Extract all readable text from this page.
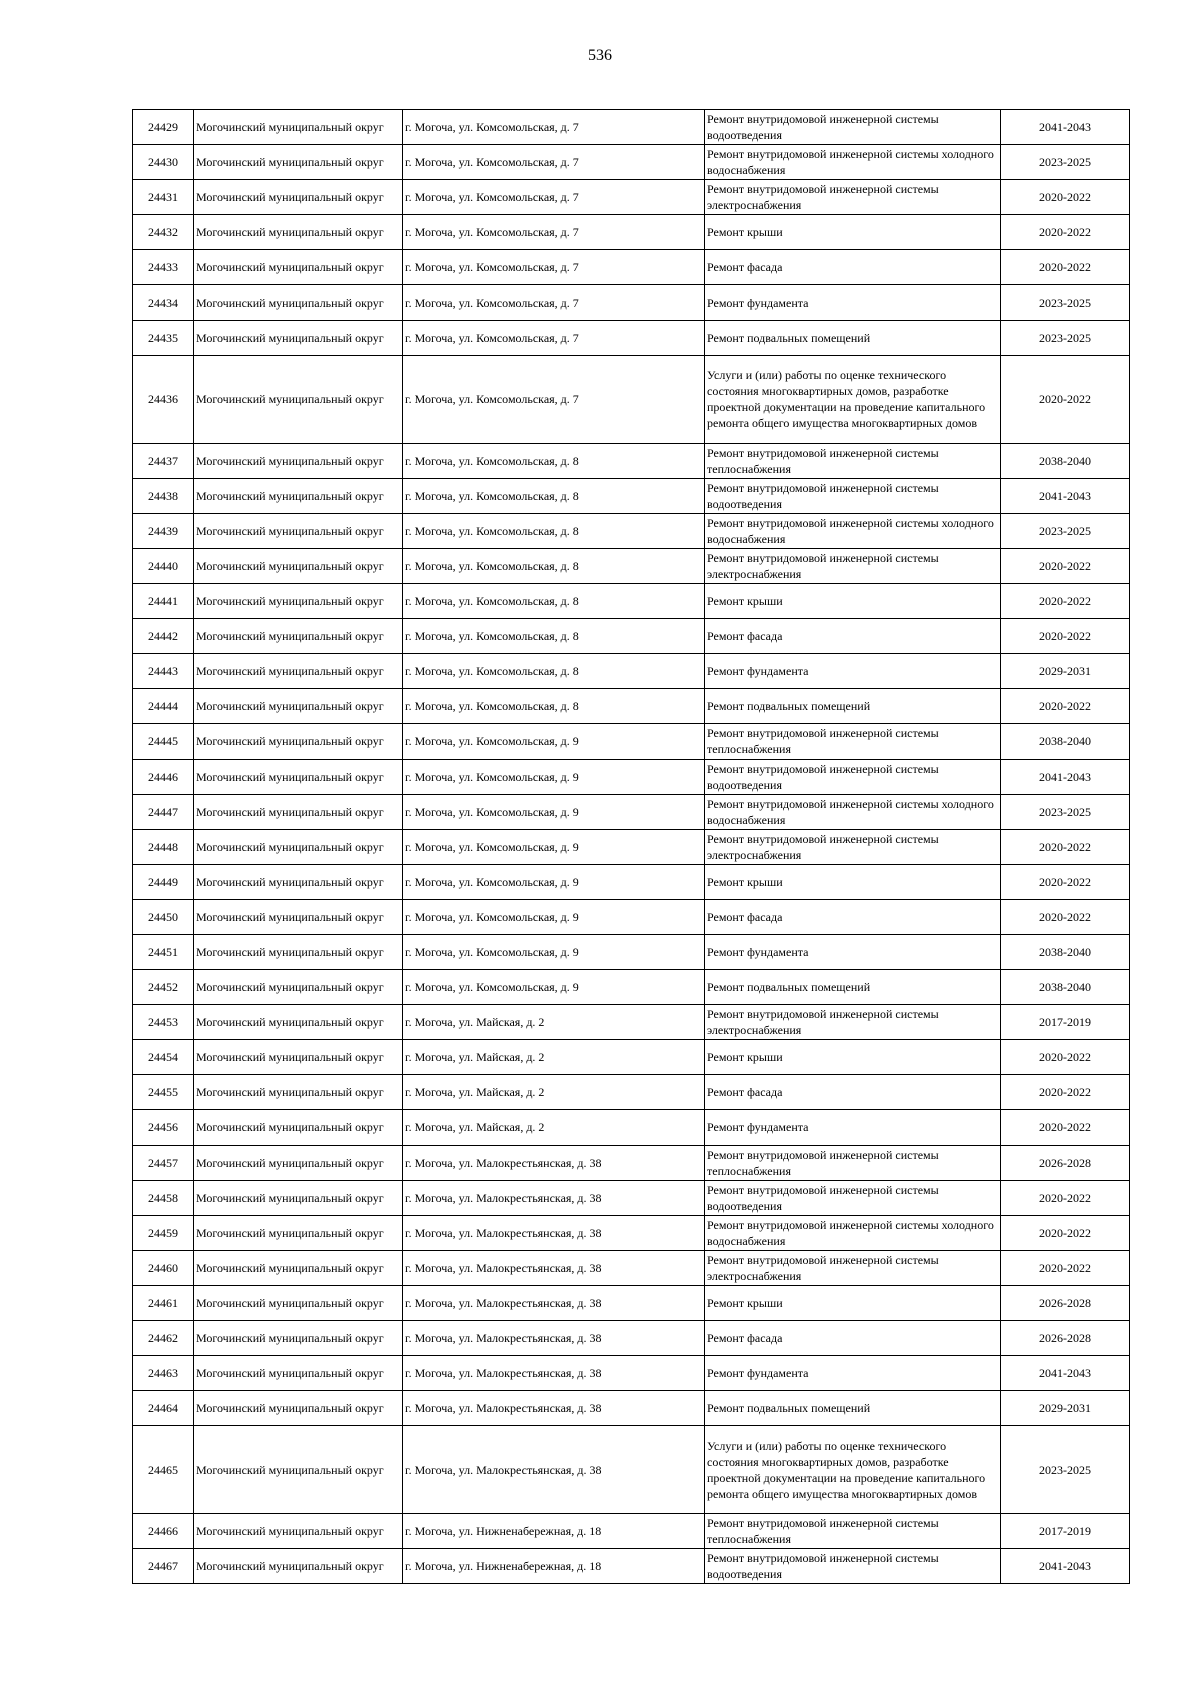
536
24429	Могочинский муниципальный округ	г. Могоча, ул. Комсомольская, д. 7	Ремонт внутридомовой инженерной системы водоотведения	2041-2043
24430	Могочинский муниципальный округ	г. Могоча, ул. Комсомольская, д. 7	Ремонт внутридомовой инженерной системы холодного водоснабжения	2023-2025
24431	Могочинский муниципальный округ	г. Могоча, ул. Комсомольская, д. 7	Ремонт внутридомовой инженерной системы электроснабжения	2020-2022
24432	Могочинский муниципальный округ	г. Могоча, ул. Комсомольская, д. 7	Ремонт крыши	2020-2022
24433	Могочинский муниципальный округ	г. Могоча, ул. Комсомольская, д. 7	Ремонт фасада	2020-2022
24434	Могочинский муниципальный округ	г. Могоча, ул. Комсомольская, д. 7	Ремонт фундамента	2023-2025
24435	Могочинский муниципальный округ	г. Могоча, ул. Комсомольская, д. 7	Ремонт подвальных помещений	2023-2025
24436	Могочинский муниципальный округ	г. Могоча, ул. Комсомольская, д. 7	Услуги и (или) работы по оценке технического состояния многоквартирных домов, разработке проектной документации на проведение капитального ремонта общего имущества многоквартирных домов	2020-2022
24437	Могочинский муниципальный округ	г. Могоча, ул. Комсомольская, д. 8	Ремонт внутридомовой инженерной системы теплоснабжения	2038-2040
24438	Могочинский муниципальный округ	г. Могоча, ул. Комсомольская, д. 8	Ремонт внутридомовой инженерной системы водоотведения	2041-2043
24439	Могочинский муниципальный округ	г. Могоча, ул. Комсомольская, д. 8	Ремонт внутридомовой инженерной системы холодного водоснабжения	2023-2025
24440	Могочинский муниципальный округ	г. Могоча, ул. Комсомольская, д. 8	Ремонт внутридомовой инженерной системы электроснабжения	2020-2022
24441	Могочинский муниципальный округ	г. Могоча, ул. Комсомольская, д. 8	Ремонт крыши	2020-2022
24442	Могочинский муниципальный округ	г. Могоча, ул. Комсомольская, д. 8	Ремонт фасада	2020-2022
24443	Могочинский муниципальный округ	г. Могоча, ул. Комсомольская, д. 8	Ремонт фундамента	2029-2031
24444	Могочинский муниципальный округ	г. Могоча, ул. Комсомольская, д. 8	Ремонт подвальных помещений	2020-2022
24445	Могочинский муниципальный округ	г. Могоча, ул. Комсомольская, д. 9	Ремонт внутридомовой инженерной системы теплоснабжения	2038-2040
24446	Могочинский муниципальный округ	г. Могоча, ул. Комсомольская, д. 9	Ремонт внутридомовой инженерной системы водоотведения	2041-2043
24447	Могочинский муниципальный округ	г. Могоча, ул. Комсомольская, д. 9	Ремонт внутридомовой инженерной системы холодного водоснабжения	2023-2025
24448	Могочинский муниципальный округ	г. Могоча, ул. Комсомольская, д. 9	Ремонт внутридомовой инженерной системы электроснабжения	2020-2022
24449	Могочинский муниципальный округ	г. Могоча, ул. Комсомольская, д. 9	Ремонт крыши	2020-2022
24450	Могочинский муниципальный округ	г. Могоча, ул. Комсомольская, д. 9	Ремонт фасада	2020-2022
24451	Могочинский муниципальный округ	г. Могоча, ул. Комсомольская, д. 9	Ремонт фундамента	2038-2040
24452	Могочинский муниципальный округ	г. Могоча, ул. Комсомольская, д. 9	Ремонт подвальных помещений	2038-2040
24453	Могочинский муниципальный округ	г. Могоча, ул. Майская, д. 2	Ремонт внутридомовой инженерной системы электроснабжения	2017-2019
24454	Могочинский муниципальный округ	г. Могоча, ул. Майская, д. 2	Ремонт крыши	2020-2022
24455	Могочинский муниципальный округ	г. Могоча, ул. Майская, д. 2	Ремонт фасада	2020-2022
24456	Могочинский муниципальный округ	г. Могоча, ул. Майская, д. 2	Ремонт фундамента	2020-2022
24457	Могочинский муниципальный округ	г. Могоча, ул. Малокрестьянская, д. 38	Ремонт внутридомовой инженерной системы теплоснабжения	2026-2028
24458	Могочинский муниципальный округ	г. Могоча, ул. Малокрестьянская, д. 38	Ремонт внутридомовой инженерной системы водоотведения	2020-2022
24459	Могочинский муниципальный округ	г. Могоча, ул. Малокрестьянская, д. 38	Ремонт внутридомовой инженерной системы холодного водоснабжения	2020-2022
24460	Могочинский муниципальный округ	г. Могоча, ул. Малокрестьянская, д. 38	Ремонт внутридомовой инженерной системы электроснабжения	2020-2022
24461	Могочинский муниципальный округ	г. Могоча, ул. Малокрестьянская, д. 38	Ремонт крыши	2026-2028
24462	Могочинский муниципальный округ	г. Могоча, ул. Малокрестьянская, д. 38	Ремонт фасада	2026-2028
24463	Могочинский муниципальный округ	г. Могоча, ул. Малокрестьянская, д. 38	Ремонт фундамента	2041-2043
24464	Могочинский муниципальный округ	г. Могоча, ул. Малокрестьянская, д. 38	Ремонт подвальных помещений	2029-2031
24465	Могочинский муниципальный округ	г. Могоча, ул. Малокрестьянская, д. 38	Услуги и (или) работы по оценке технического состояния многоквартирных домов, разработке проектной документации на проведение капитального ремонта общего имущества многоквартирных домов	2023-2025
24466	Могочинский муниципальный округ	г. Могоча, ул. Нижненабережная, д. 18	Ремонт внутридомовой инженерной системы теплоснабжения	2017-2019
24467	Могочинский муниципальный округ	г. Могоча, ул. Нижненабережная, д. 18	Ремонт внутридомовой инженерной системы водоотведения	2041-2043
